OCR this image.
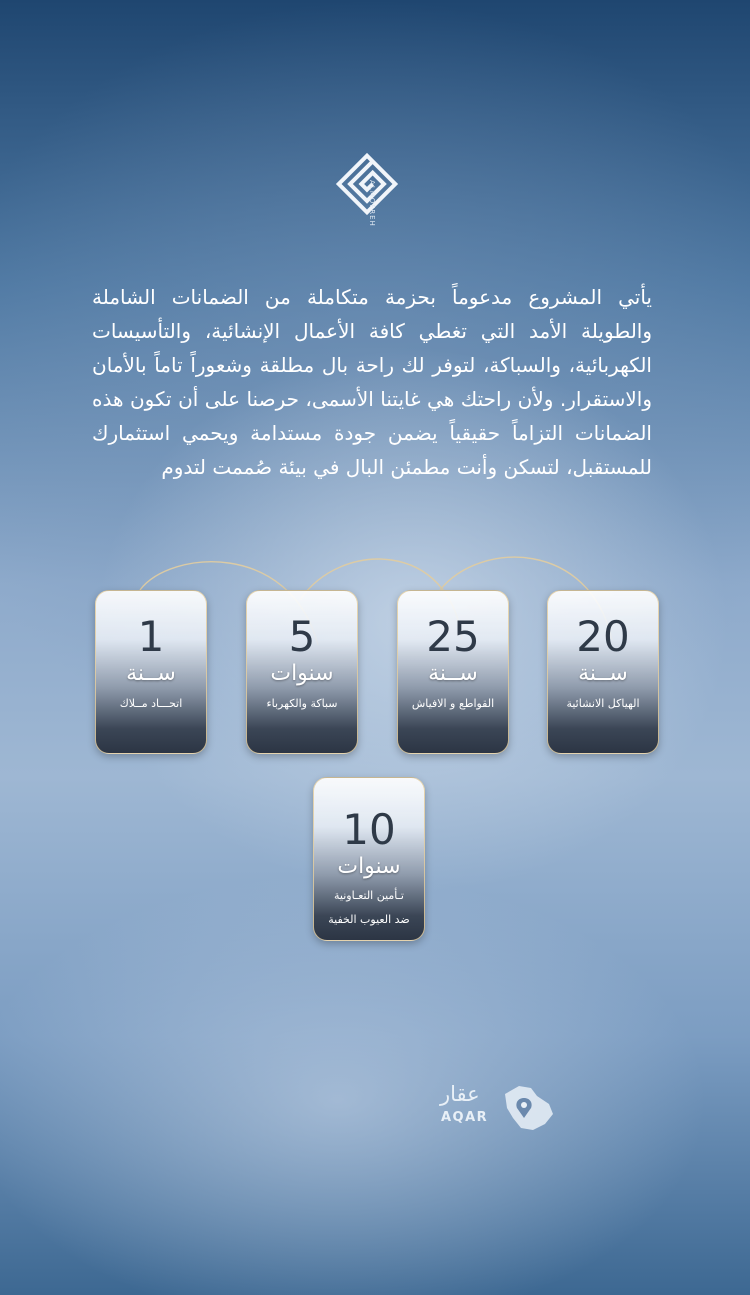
ALMOFREH
يأتي المشروع مدعوماً بحزمة متكاملة من الضمانات الشاملة والطويلة الأمد التي تغطي كافة الأعمال الإنشائية، والتأسيسات الكهربائية، والسباكة، لتوفر لك راحة بال مطلقة وشعوراً تاماً بالأمان والاستقرار. ولأن راحتك هي غايتنا الأسمى، حرصنا على أن تكون هذه الضمانات التزاماً حقيقياً يضمن جودة مستدامة ويحمي استثمارك للمستقبل، لتسكن وأنت مطمئن البال في بيئة صُممت لتدوم
20
ســنة
الهياكل الانشائية
25
ســنة
القواطع و الافياش
5
سنوات
سباكة والكهرباء
1
ســنة
اتحـــاد مــلاك
10
سنوات
تـأمين التعـاونية
ضد العيوب الخفية
عقار
AQAR
